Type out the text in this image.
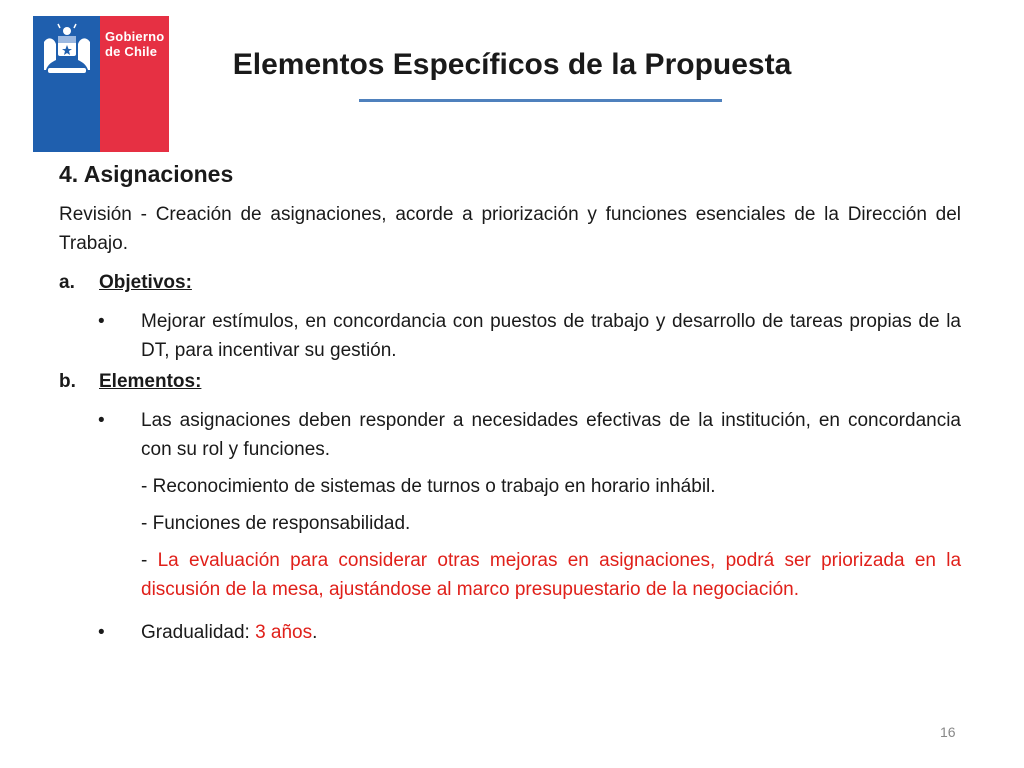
Gobierno
de Chile	Elementos Específicos de la Propuesta
4. Asignaciones
Revisión - Creación de asignaciones, acorde a priorización y funciones esenciales de la Dirección del Trabajo.
a.	Objetivos:
•	Mejorar estímulos, en concordancia con puestos de trabajo y desarrollo de tareas propias de la DT, para incentivar su gestión.
b.	Elementos:
•	Las asignaciones deben responder a necesidades efectivas de la institución, en concordancia con su rol y funciones.
- Reconocimiento de sistemas de turnos o trabajo en horario inhábil.
- Funciones de responsabilidad.
- La evaluación para considerar otras mejoras en asignaciones, podrá ser priorizada en la discusión de la mesa, ajustándose al marco presupuestario de la negociación.
•	Gradualidad: 3 años.
16
